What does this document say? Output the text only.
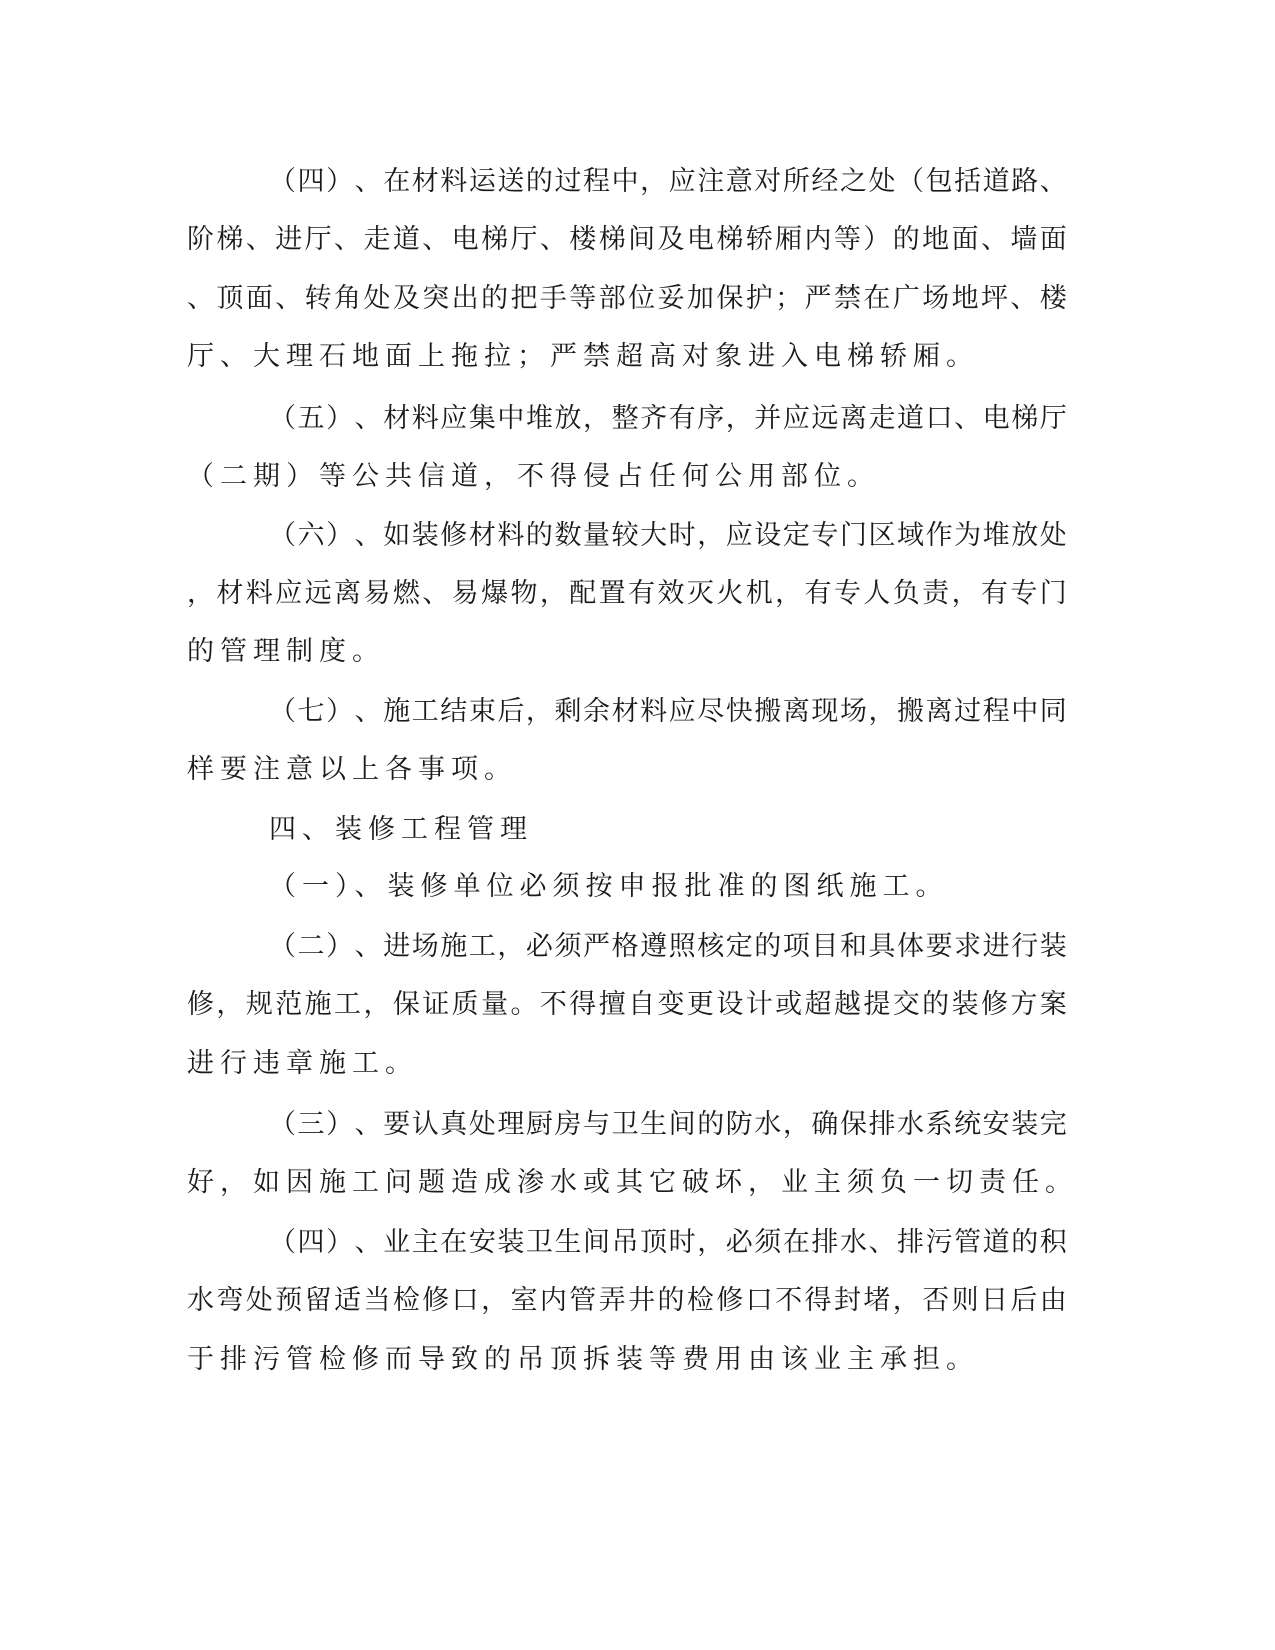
（ 四 ） 、 在 材 料 运 送 的 过 程 中 ， 应 注 意 对 所 经 之 处 （ 包 括 道 路 、
阶 梯 、 进 厅 、 走 道 、 电 梯 厅 、 楼 梯 间 及 电 梯 轿 厢 内 等 ） 的 地 面 、 墙 面
、 顶 面 、 转 角 处 及 突 出 的 把 手 等 部 位 妥 加 保 护 ； 严 禁 在 广 场 地 坪 、 楼
厅、大理石地面上拖拉；严禁超高对象进入电梯轿厢。
（ 五 ） 、 材 料 应 集 中 堆 放 ， 整 齐 有 序 ， 并 应 远 离 走 道 口 、 电 梯 厅
（二期）等公共信道，不得侵占任何公用部位。
（ 六 ） 、 如 装 修 材 料 的 数 量 较 大 时 ， 应 设 定 专 门 区 域 作 为 堆 放 处
， 材 料 应 远 离 易 燃 、 易 爆 物 ， 配 置 有 效 灭 火 机 ， 有 专 人 负 责 ， 有 专 门
的管理制度。
（ 七 ） 、 施 工 结 束 后 ， 剩 余 材 料 应 尽 快 搬 离 现 场 ， 搬 离 过 程 中 同
样要注意以上各事项。
四、装修工程管理
（一）、装修单位必须按申报批准的图纸施工。
（ 二 ） 、 进 场 施 工 ， 必 须 严 格 遵 照 核 定 的 项 目 和 具 体 要 求 进 行 装
修 ， 规 范 施 工 ， 保 证 质 量 。 不 得 擅 自 变 更 设 计 或 超 越 提 交 的 装 修 方 案
进行违章施工。
（ 三 ） 、 要 认 真 处 理 厨 房 与 卫 生 间 的 防 水 ， 确 保 排 水 系 统 安 装 完
好，如因施工问题造成渗水或其它破坏，业主须负一切责任。
（ 四 ） 、 业 主 在 安 装 卫 生 间 吊 顶 时 ， 必 须 在 排 水 、 排 污 管 道 的 积
水 弯 处 预 留 适 当 检 修 口 ， 室 内 管 弄 井 的 检 修 口 不 得 封 堵 ， 否 则 日 后 由
于排污管检修而导致的吊顶拆装等费用由该业主承担。
